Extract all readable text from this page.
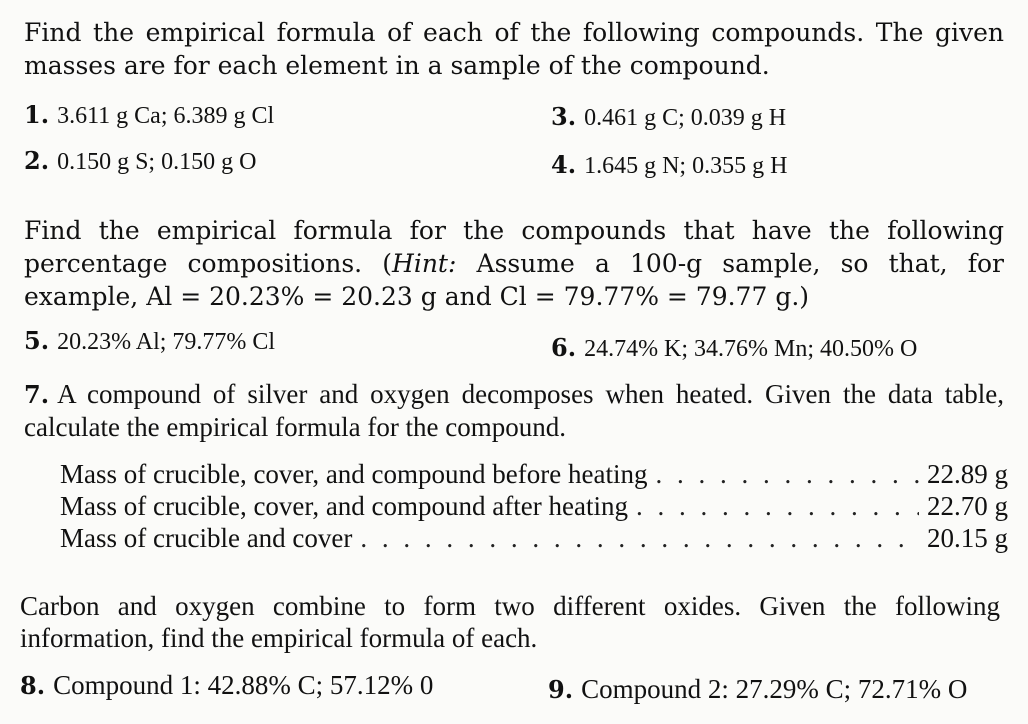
Find the empirical formula of each of the following compounds. The given masses are for each element in a sample of the compound.

1. 3.611 g Ca; 6.389 g Cl
2. 0.150 g S; 0.150 g O
3. 0.461 g C; 0.039 g H
4. 1.645 g N; 0.355 g H

Find the empirical formula for the compounds that have the following percentage compositions. (Hint: Assume a 100-g sample, so that, for example, Al = 20.23% = 20.23 g and Cl = 79.77% = 79.77 g.)

5. 20.23% Al; 79.77% Cl	6. 24.74% K; 34.76% Mn; 40.50% O

7. A compound of silver and oxygen decomposes when heated. Given the data table, calculate the empirical formula for the compound.

Mass of crucible, cover, and compound before heating . . .	22.89 g
Mass of crucible, cover, and compound after heating . . .	22.70 g
Mass of crucible and cover . . .	20.15 g

Carbon and oxygen combine to form two different oxides. Given the following information, find the empirical formula of each.

8. Compound 1: 42.88% C; 57.12% 0	9. Compound 2: 27.29% C; 72.71% O
